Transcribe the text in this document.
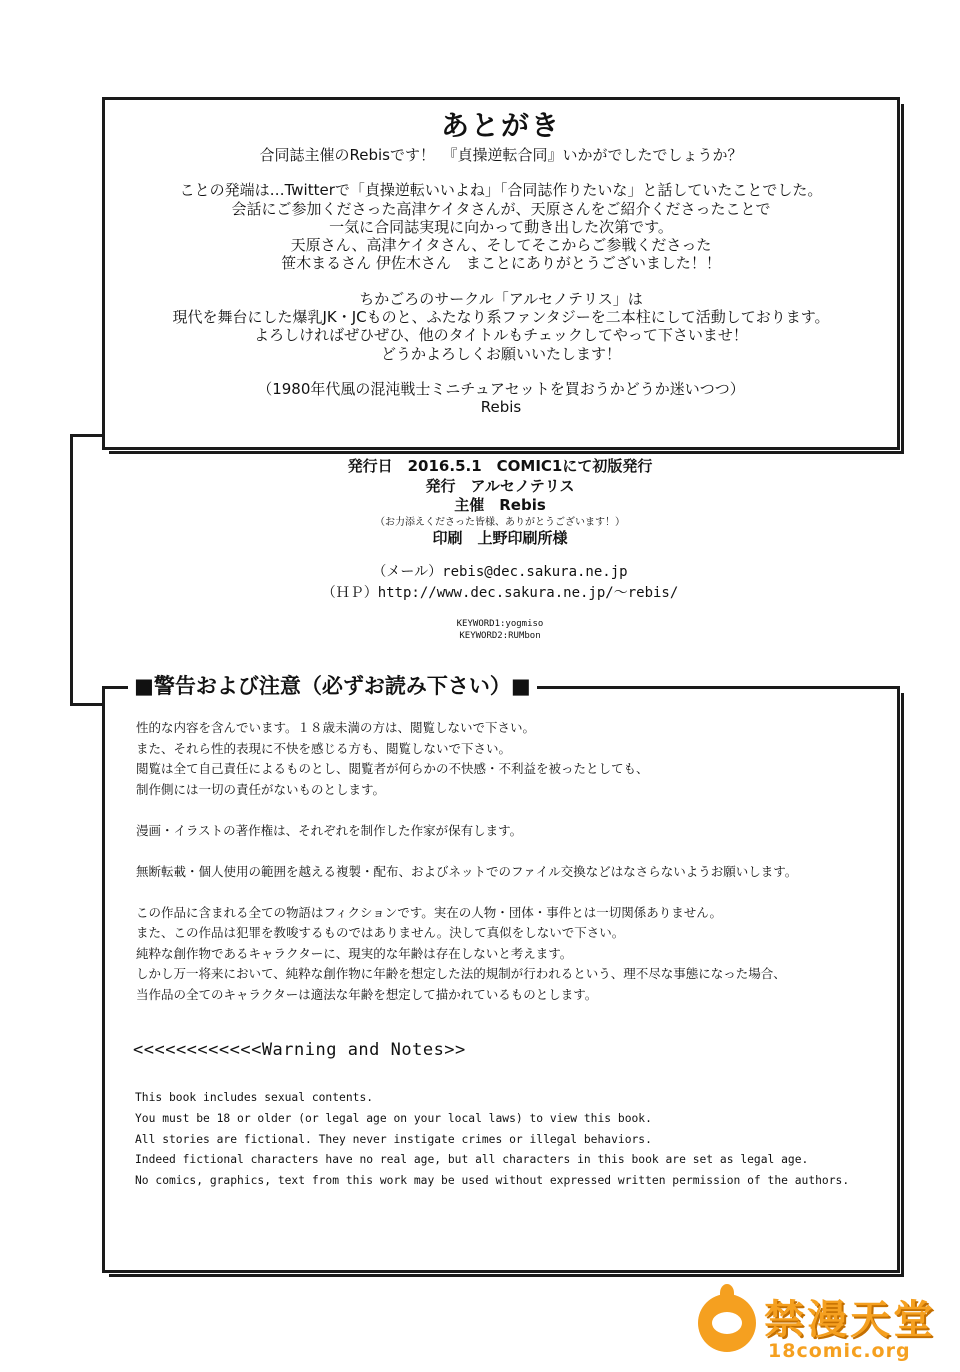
あとがき
合同誌主催のRebisです！　『貞操逆転合同』いかがでしたでしょうか？
ことの発端は…Twitterで「貞操逆転いいよね」「合同誌作りたいな」と話していたことでした。
会話にご参加くださった高津ケイタさんが、天原さんをご紹介くださったことで
一気に合同誌実現に向かって動き出した次第です。
天原さん、高津ケイタさん、そしてそこからご参戦くださった
笹木まるさん 伊佐木さん　まことにありがとうございました！！
ちかごろのサークル「アルセノテリス」は
現代を舞台にした爆乳JK・JCものと、ふたなり系ファンタジーを二本柱にして活動しております。
よろしければぜひぜひ、他のタイトルもチェックしてやって下さいませ！
どうかよろしくお願いいたします！
（1980年代風の混沌戦士ミニチュアセットを買おうかどうか迷いつつ）
Rebis
発行日　2016.5.1　COMIC1にて初版発行
発行　アルセノテリス
主催　Rebis
（お力添えくださった皆様、ありがとうございます！）
印刷　上野印刷所様
（メール）rebis@dec.sakura.ne.jp
（ＨＰ）http://www.dec.sakura.ne.jp/～rebis/
KEYWORD1:yogmiso
KEYWORD2:RUMbon
■警告および注意（必ずお読み下さい）■
性的な内容を含んでいます。１８歳未満の方は、閲覧しないで下さい。
また、それら性的表現に不快を感じる方も、閲覧しないで下さい。
閲覧は全て自己責任によるものとし、閲覧者が何らかの不快感・不利益を被ったとしても、
制作側には一切の責任がないものとします。
漫画・イラストの著作権は、それぞれを制作した作家が保有します。
無断転載・個人使用の範囲を越える複製・配布、およびネットでのファイル交換などはなさらないようお願いします。
この作品に含まれる全ての物語はフィクションです。実在の人物・団体・事件とは一切関係ありません。
また、この作品は犯罪を教唆するものではありません。決して真似をしないで下さい。
純粋な創作物であるキャラクターに、現実的な年齢は存在しないと考えます。
しかし万一将来において、純粋な創作物に年齢を想定した法的規制が行われるという、理不尽な事態になった場合、
当作品の全てのキャラクターは適法な年齢を想定して描かれているものとします。
<<<<<<<<<<<<Warning and Notes>>
This book includes sexual contents.
You must be 18 or older (or legal age on your local laws) to view this book.
All stories are fictional. They never instigate crimes or illegal behaviors.
Indeed fictional characters have no real age, but all characters in this book are set as legal age.
No comics, graphics, text from this work may be used without expressed written permission of the authors.
禁漫天堂
18comic.org
